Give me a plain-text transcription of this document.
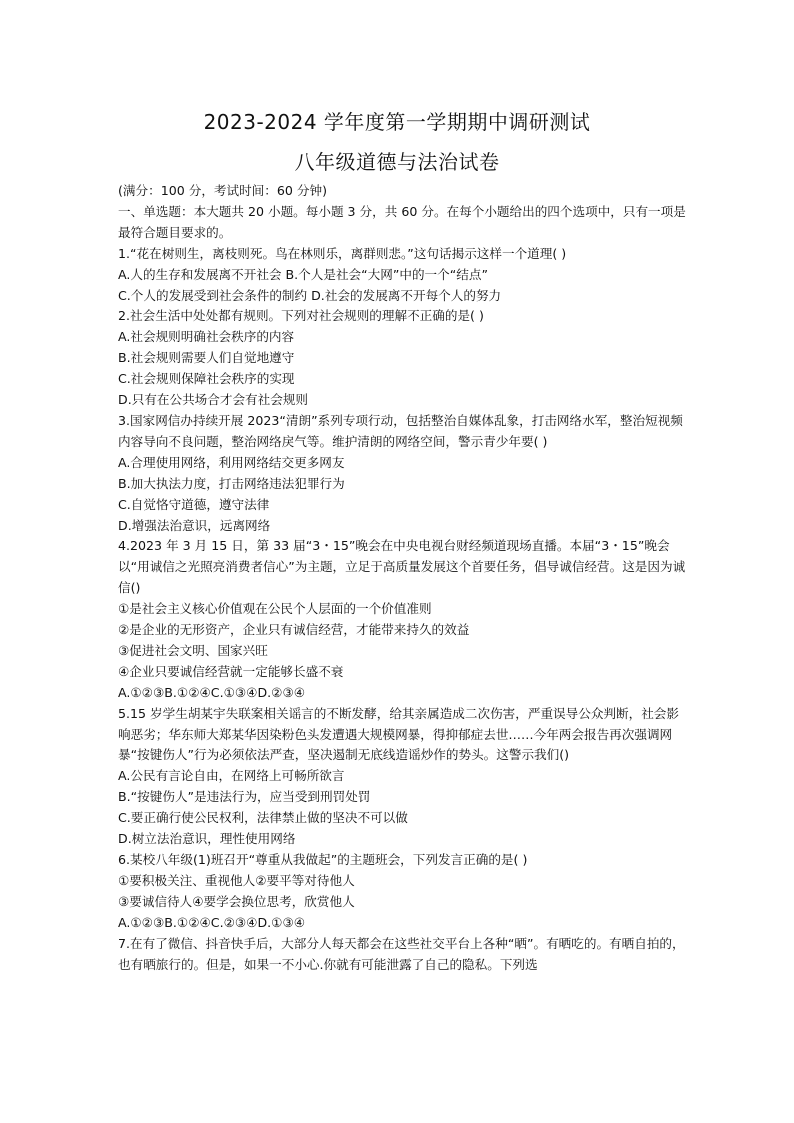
2023-2024 学年度第一学期期中调研测试
八年级道德与法治试卷
(满分：100 分，考试时间：60 分钟)
一、单选题：本大题共 20 小题。每小题 3 分，共 60 分。在每个小题给出的四个选项中，只有一项是最符合题目要求的。
1.“花在树则生，离枝则死。鸟在林则乐，离群则悲。”这句话揭示这样一个道理( )
A.人的生存和发展离不开社会 B.个人是社会“大网”中的一个“结点”
C.个人的发展受到社会条件的制约 D.社会的发展离不开每个人的努力
2.社会生活中处处都有规则。下列对社会规则的理解不正确的是( )
A.社会规则明确社会秩序的内容
B.社会规则需要人们自觉地遵守
C.社会规则保障社会秩序的实现
D.只有在公共场合才会有社会规则
3.国家网信办持续开展 2023“清朗”系列专项行动，包括整治自媒体乱象，打击网络水军，整治短视频内容导向不良问题，整治网络戾气等。维护清朗的网络空间，警示青少年要( )
A.合理使用网络，利用网络结交更多网友
B.加大执法力度，打击网络违法犯罪行为
C.自觉恪守道德，遵守法律
D.增强法治意识，远离网络
4.2023 年 3 月 15 日，第 33 届“3・15”晚会在中央电视台财经频道现场直播。本届“3・15”晚会以“用诚信之光照亮消费者信心”为主题，立足于高质量发展这个首要任务，倡导诚信经营。这是因为诚信()
①是社会主义核心价值观在公民个人层面的一个价值准则
②是企业的无形资产，企业只有诚信经营，才能带来持久的效益
③促进社会文明、国家兴旺
④企业只要诚信经营就一定能够长盛不衰
A.①②③B.①②④C.①③④D.②③④
5.15 岁学生胡某宇失联案相关谣言的不断发酵，给其亲属造成二次伤害，严重误导公众判断，社会影响恶劣；华东师大郑某华因染粉色头发遭遇大规模网暴，得抑郁症去世……今年两会报告再次强调网暴“按键伤人”行为必须依法严查，坚决遏制无底线造谣炒作的势头。这警示我们()
A.公民有言论自由，在网络上可畅所欲言
B.“按键伤人”是违法行为，应当受到刑罚处罚
C.要正确行使公民权利，法律禁止做的坚决不可以做
D.树立法治意识，理性使用网络
6.某校八年级(1)班召开“尊重从我做起”的主题班会，下列发言正确的是( )
①要积极关注、重视他人②要平等对待他人
③要诚信待人④要学会换位思考，欣赏他人
A.①②③B.①②④C.②③④D.①③④
7.在有了微信、抖音快手后，大部分人每天都会在这些社交平台上各种“晒”。有晒吃的。有晒自拍的，也有晒旅行的。但是，如果一不小心.你就有可能泄露了自己的隐私。下列选
